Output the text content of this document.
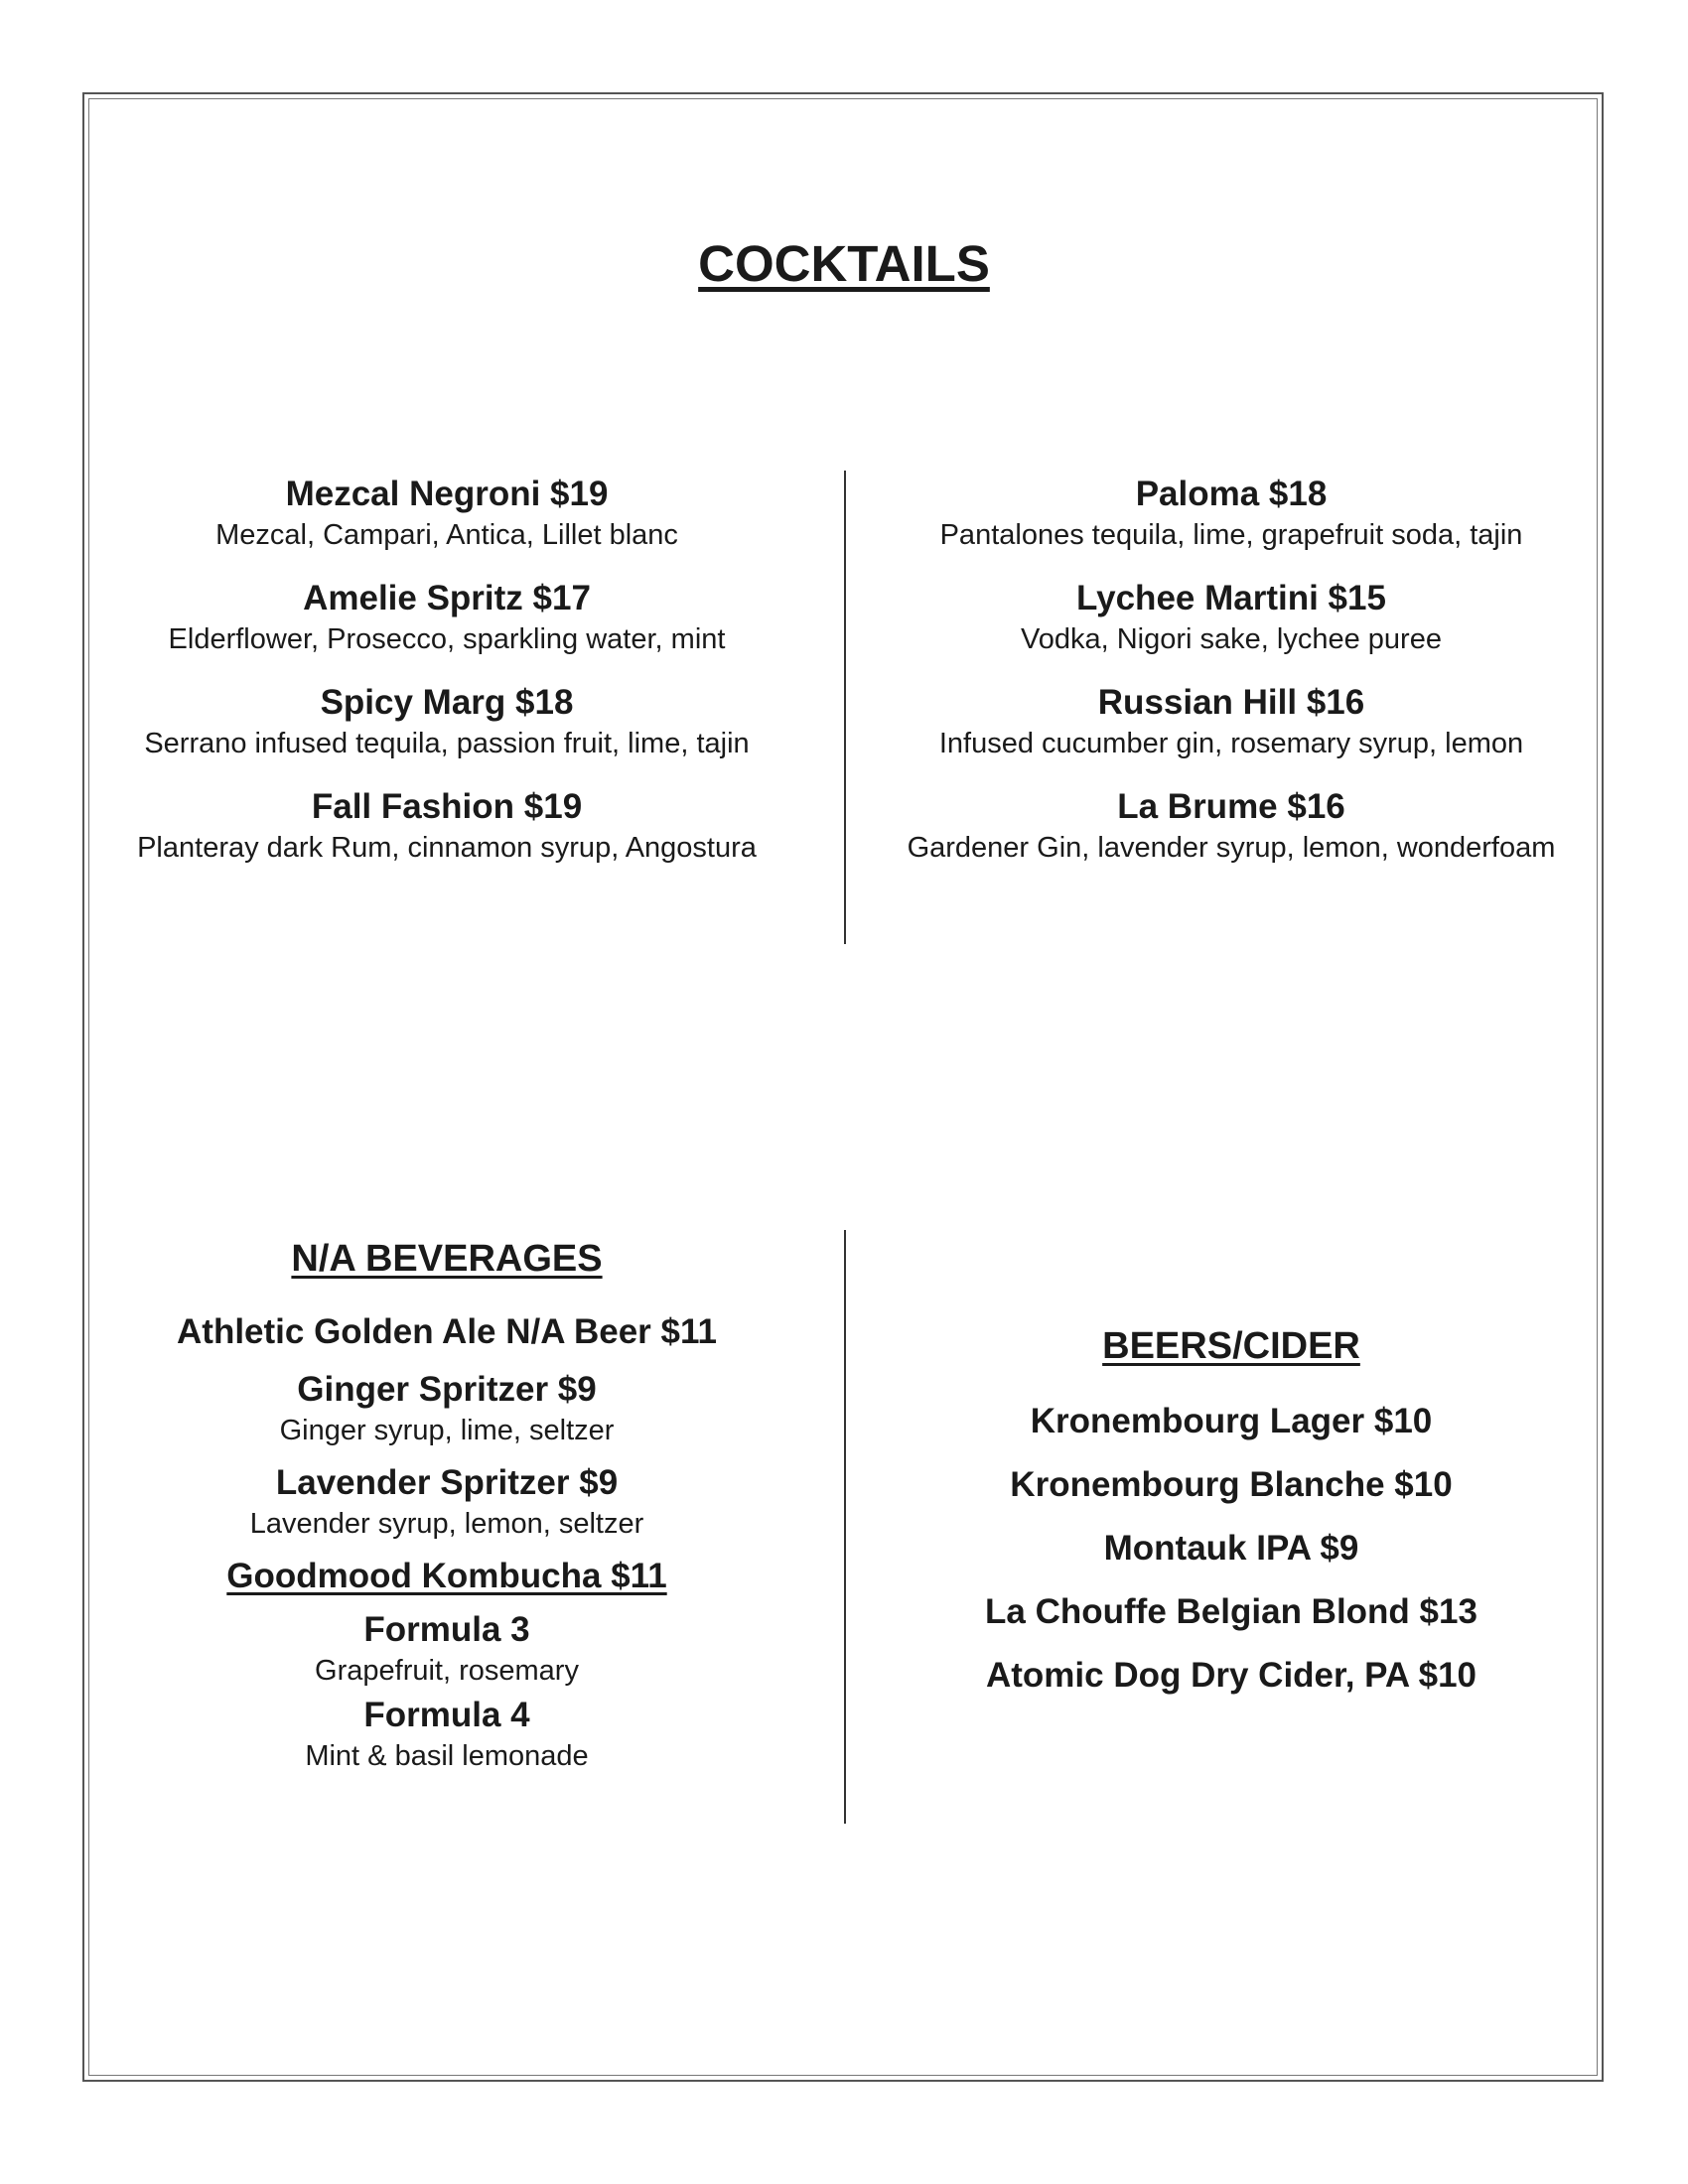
COCKTAILS
Mezcal Negroni $19
Mezcal, Campari, Antica, Lillet blanc
Amelie Spritz $17
Elderflower, Prosecco, sparkling water, mint
Spicy Marg $18
Serrano infused tequila, passion fruit, lime, tajin
Fall Fashion $19
Planteray dark Rum, cinnamon syrup, Angostura
Paloma $18
Pantalones tequila, lime, grapefruit soda, tajin
Lychee Martini $15
Vodka, Nigori sake, lychee puree
Russian Hill $16
Infused cucumber gin, rosemary syrup, lemon
La Brume $16
Gardener Gin, lavender syrup, lemon, wonderfoam
N/A BEVERAGES
Athletic Golden Ale N/A Beer $11
Ginger Spritzer $9
Ginger syrup, lime, seltzer
Lavender Spritzer $9
Lavender syrup, lemon, seltzer
Goodmood Kombucha $11
Formula 3
Grapefruit, rosemary
Formula 4
Mint & basil lemonade
BEERS/CIDER
Kronembourg Lager $10
Kronembourg Blanche $10
Montauk IPA $9
La Chouffe Belgian Blond $13
Atomic Dog Dry Cider, PA $10
